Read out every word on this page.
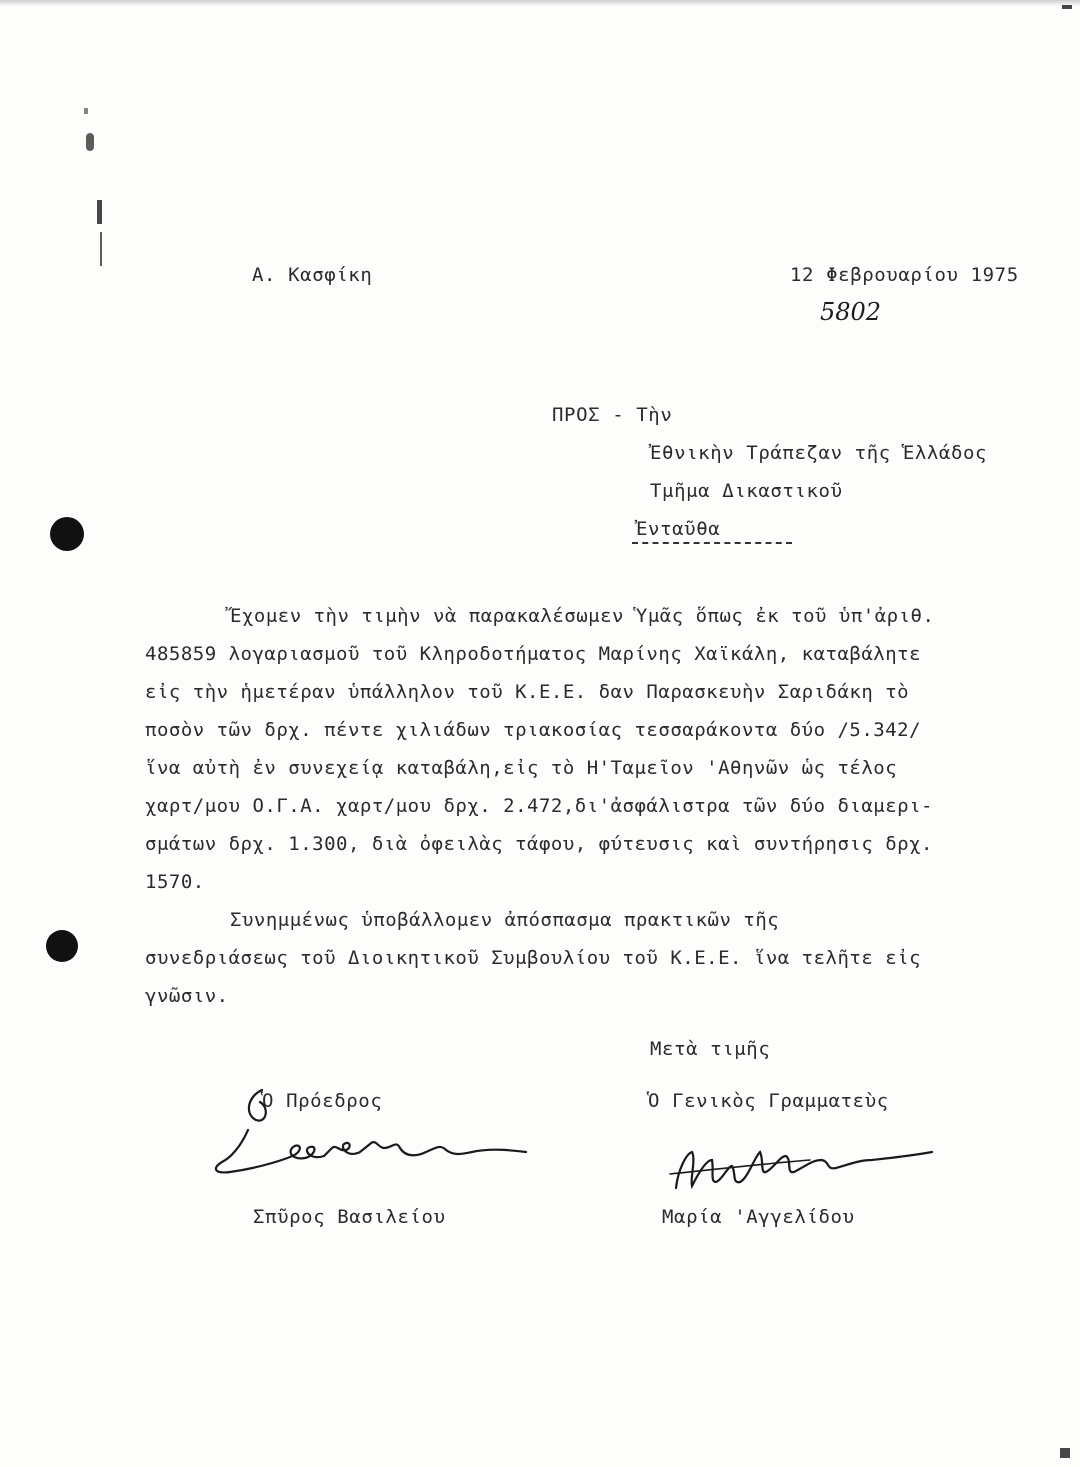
Α. Κασφίκη	12 Φεβρουαρίου 1975
5802
ΠΡΟΣ - Τὴν
Ἐθνικὴν Τράπεζαν τῆς Ἑλλάδος
Τμῆμα Δικαστικοῦ
Ἐνταῦθα
Ἔχομεν τὴν τιμὴν νὰ παρακαλέσωμεν Ὑμᾶς ὅπως ἐκ τοῦ ὑπ'ἀριθ.
485859 λογαριασμοῦ τοῦ Κληροδοτήματος Μαρίνης Χαϊκάλη, καταβάλητε
εἰς τὴν ἡμετέραν ὑπάλληλον τοῦ Κ.Ε.Ε. δαν Παρασκευὴν Σαριδάκη τὸ
ποσὸν τῶν δρχ. πέντε χιλιάδων τριακοσίας τεσσαράκοντα δύο /5.342/
ἵνα αὐτὴ ἐν συνεχείᾳ καταβάλη,εἰς τὸ Η'Ταμεῖον 'Αθηνῶν ὡς τέλος
χαρτ/μου Ο.Γ.Α. χαρτ/μου δρχ. 2.472,δι'ἀσφάλιστρα τῶν δύο διαμερι-
σμάτων δρχ. 1.300, διὰ ὀφειλὰς τάφου, φύτευσις καὶ συντήρησις δρχ.
1570.
Συνημμένως ὑποβάλλομεν ἀπόσπασμα πρακτικῶν τῆς
συνεδριάσεως τοῦ Διοικητικοῦ Συμβουλίου τοῦ Κ.Ε.Ε. ἵνα τελῆτε εἰς
γνῶσιν.
Μετὰ τιμῆς
Ὁ Πρόεδρος	Ὁ Γενικὸς Γραμματεὺς
Σπῦρος Βασιλείου	Μαρία 'Αγγελίδου
